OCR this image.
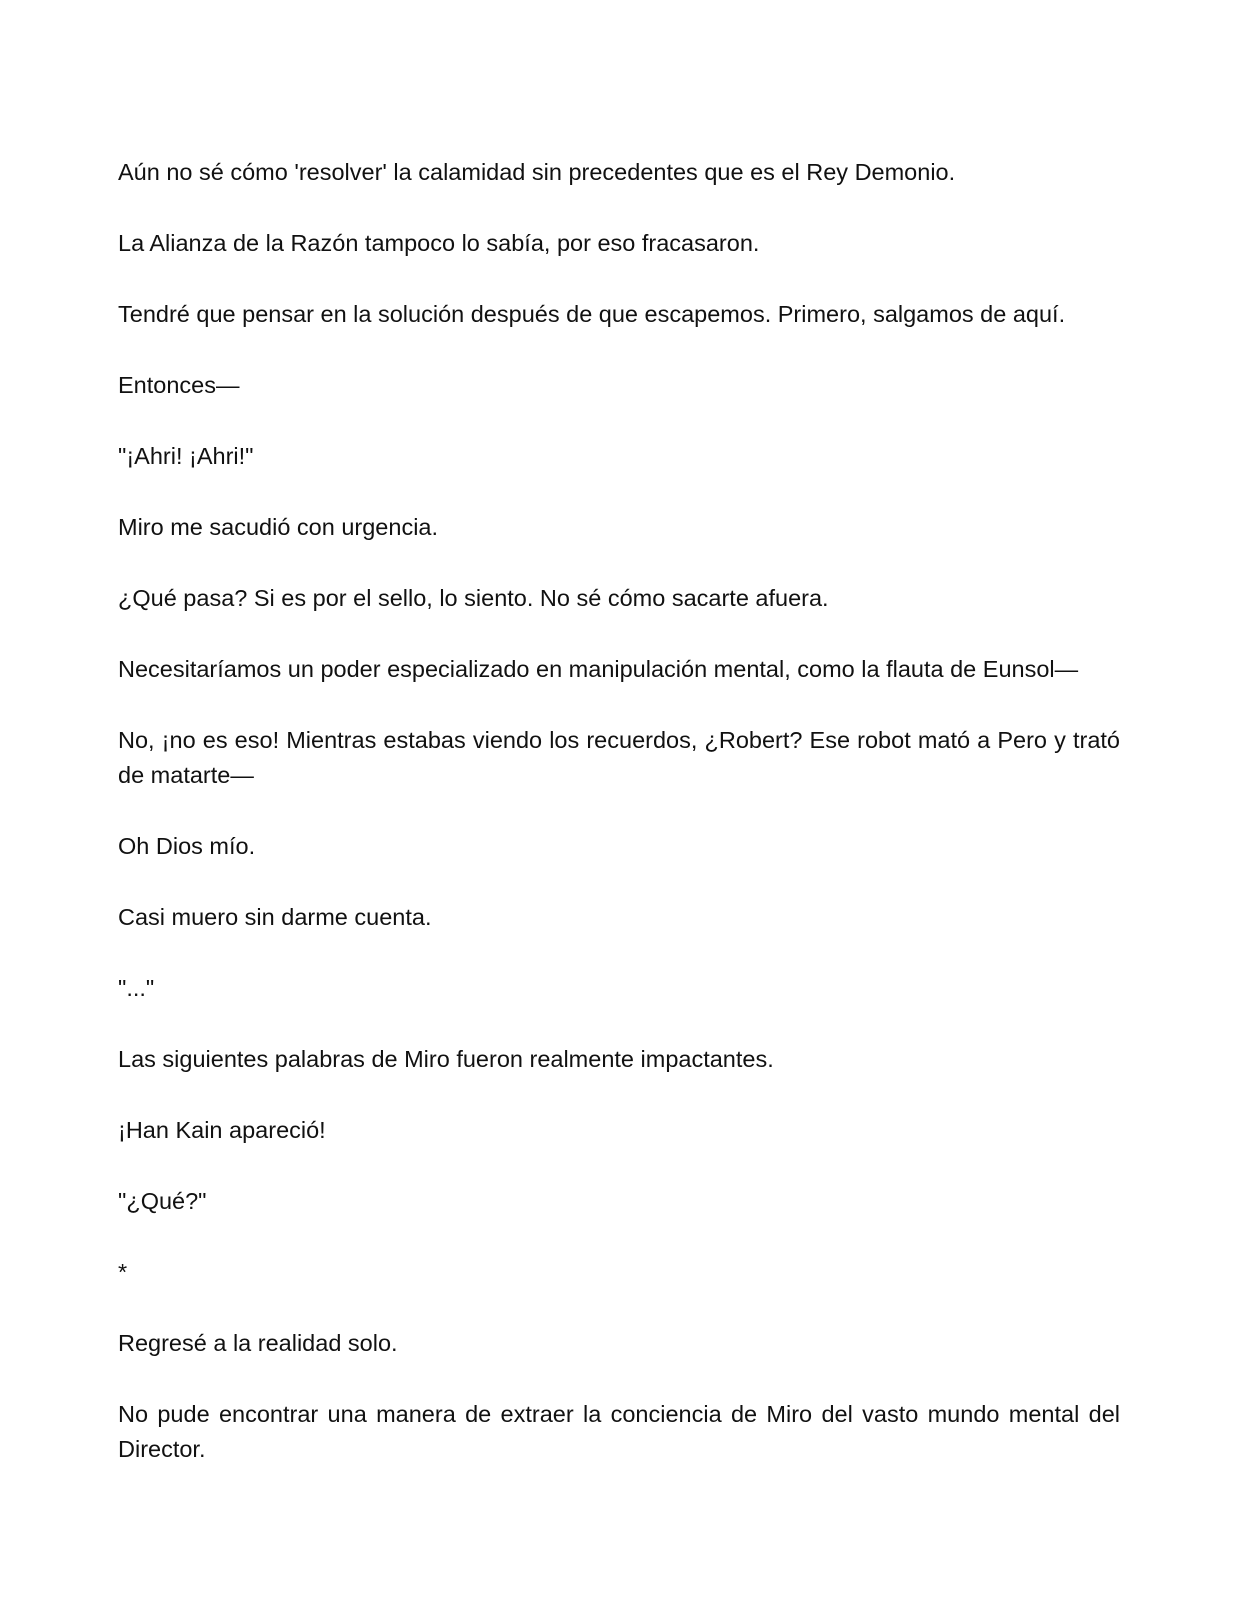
Aún no sé cómo 'resolver' la calamidad sin precedentes que es el Rey Demonio.

La Alianza de la Razón tampoco lo sabía, por eso fracasaron.

Tendré que pensar en la solución después de que escapemos. Primero, salgamos de aquí.

Entonces—

"¡Ahri! ¡Ahri!"

Miro me sacudió con urgencia.

¿Qué pasa? Si es por el sello, lo siento. No sé cómo sacarte afuera.

Necesitaríamos un poder especializado en manipulación mental, como la flauta de Eunsol—

No, ¡no es eso! Mientras estabas viendo los recuerdos, ¿Robert? Ese robot mató a Pero y trató de matarte—

Oh Dios mío.

Casi muero sin darme cuenta.

"..."

Las siguientes palabras de Miro fueron realmente impactantes.

¡Han Kain apareció!

"¿Qué?"

*

Regresé a la realidad solo.

No pude encontrar una manera de extraer la conciencia de Miro del vasto mundo mental del Director.
